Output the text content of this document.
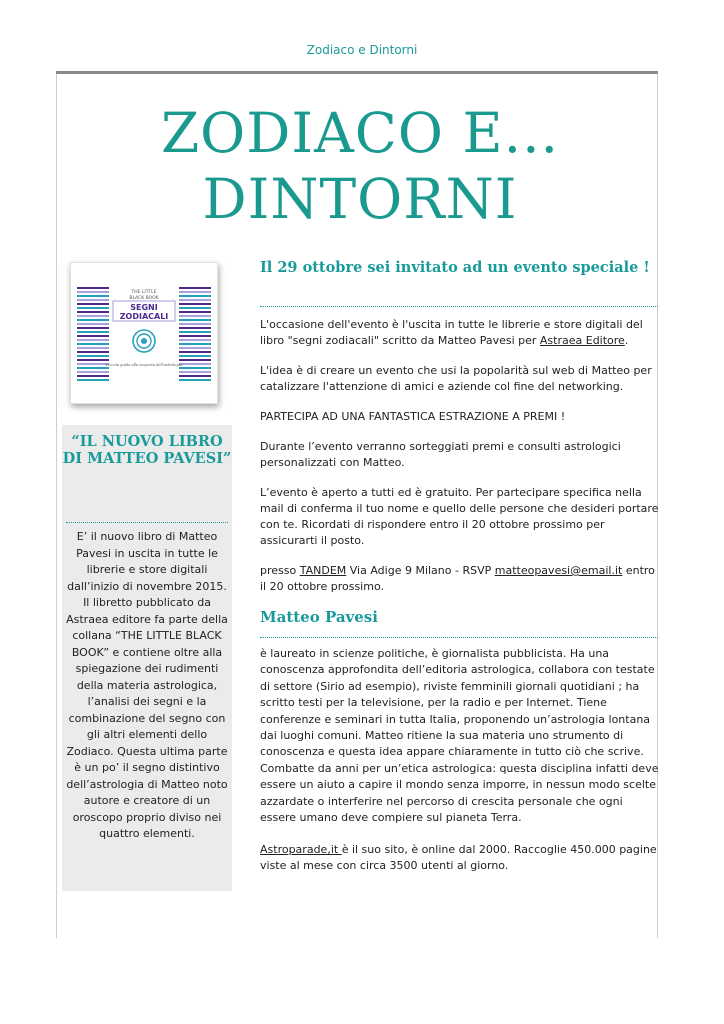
Zodiaco e Dintorni
ZODIACO E...
DINTORNI
THE LITTLE
BLACK BOOK
SEGNI
ZODIACALI
Piccola guida alla scoperta dell'astrologia
“IL NUOVO LIBRO DI MATTEO PAVESI”
E’ il nuovo libro di Matteo Pavesi in uscita in tutte le librerie e store digitali dall’inizio di novembre 2015. Il libretto pubblicato da Astraea editore fa parte della collana “THE LITTLE BLACK BOOK” e contiene oltre alla spiegazione dei rudimenti della materia astrologica, l’analisi dei segni e la combinazione del segno con gli altri elementi dello Zodiaco. Questa ultima parte è un po’ il segno distintivo dell’astrologia di Matteo noto autore e creatore di un oroscopo proprio diviso nei quattro elementi.
Il 29 ottobre sei invitato ad un evento speciale !

L'occasione dell'evento è l'uscita in tutte le librerie e store digitali del libro "segni zodiacali" scritto da Matteo Pavesi per Astraea Editore.

L'idea è di creare un evento che usi la popolarità sul web di Matteo per catalizzare l'attenzione di amici e aziende col fine del networking.

PARTECIPA AD UNA FANTASTICA ESTRAZIONE A PREMI !

Durante l’evento verranno sorteggiati premi e consulti astrologici personalizzati con Matteo.

L’evento è aperto a tutti ed è gratuito. Per partecipare specifica nella mail di conferma il tuo nome e quello delle persone che desideri portare con te. Ricordati di rispondere entro il 20 ottobre prossimo per assicurarti il posto.

presso TANDEM Via Adige 9 Milano - RSVP matteopavesi@email.it entro il 20 ottobre prossimo.

Matteo Pavesi

è laureato in scienze politiche, è giornalista pubblicista. Ha una conoscenza approfondita dell’editoria astrologica, collabora con testate di settore (Sirio ad esempio), riviste femminili giornali quotidiani ; ha scritto testi per la televisione, per la radio e per Internet. Tiene conferenze e seminari in tutta Italia, proponendo un’astrologia lontana dai luoghi comuni. Matteo ritiene la sua materia uno strumento di conoscenza e questa idea appare chiaramente in tutto ciò che scrive. Combatte da anni per un’etica astrologica: questa disciplina infatti deve essere un aiuto a capire il mondo senza imporre, in nessun modo scelte azzardate o interferire nel percorso di crescita personale che ogni essere umano deve compiere sul pianeta Terra.

Astroparade,it è il suo sito, è online dal 2000. Raccoglie 450.000 pagine viste al mese con circa 3500 utenti al giorno.
